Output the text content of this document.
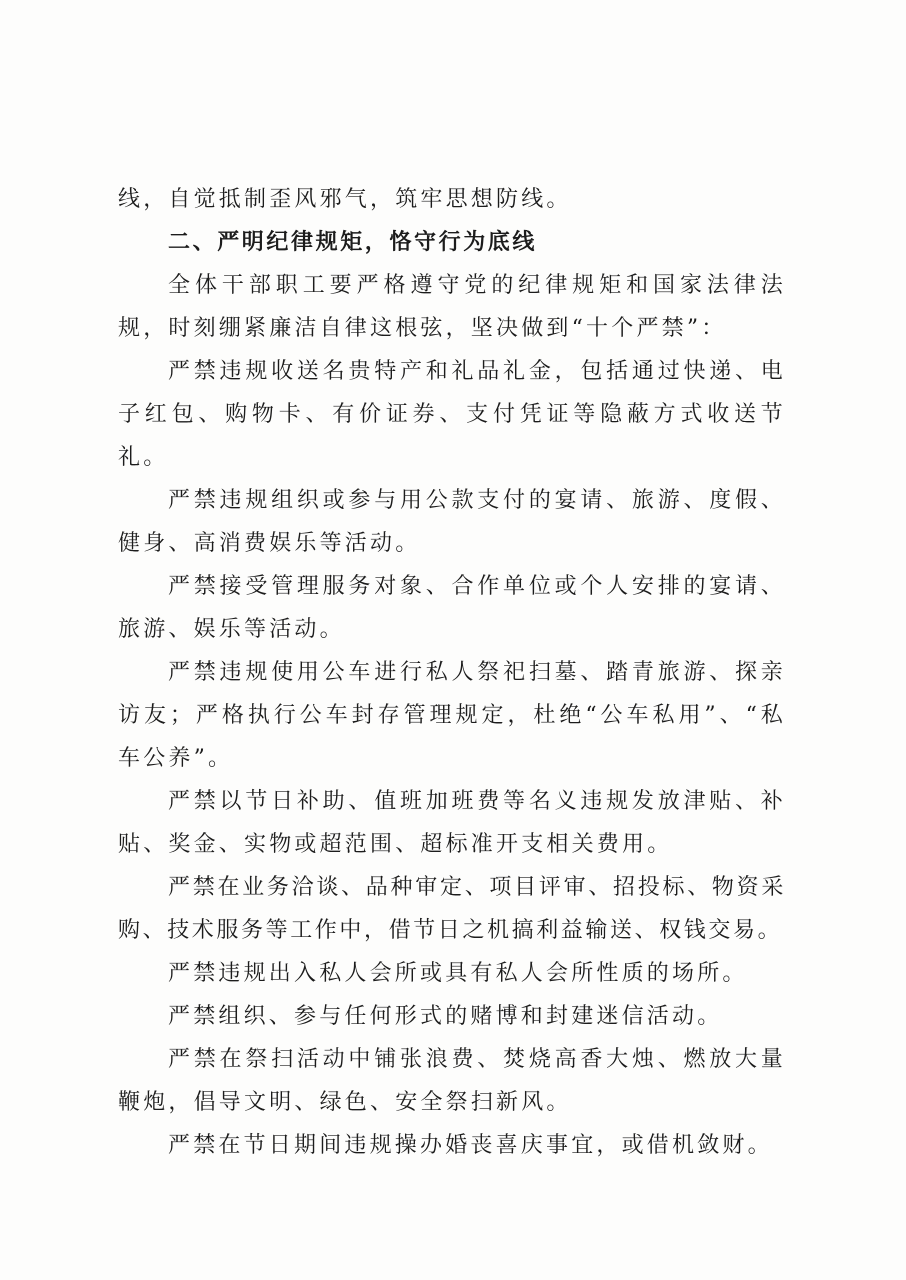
线，自觉抵制歪风邪气，筑牢思想防线。

二、严明纪律规矩，恪守行为底线

全体干部职工要严格遵守党的纪律规矩和国家法律法规，时刻绷紧廉洁自律这根弦，坚决做到“十个严禁”：

严禁违规收送名贵特产和礼品礼金，包括通过快递、电子红包、购物卡、有价证券、支付凭证等隐蔽方式收送节礼。

严禁违规组织或参与用公款支付的宴请、旅游、度假、健身、高消费娱乐等活动。

严禁接受管理服务对象、合作单位或个人安排的宴请、旅游、娱乐等活动。

严禁违规使用公车进行私人祭祀扫墓、踏青旅游、探亲访友；严格执行公车封存管理规定，杜绝“公车私用”、“私车公养”。

严禁以节日补助、值班加班费等名义违规发放津贴、补贴、奖金、实物或超范围、超标准开支相关费用。

严禁在业务洽谈、品种审定、项目评审、招投标、物资采购、技术服务等工作中，借节日之机搞利益输送、权钱交易。

严禁违规出入私人会所或具有私人会所性质的场所。

严禁组织、参与任何形式的赌博和封建迷信活动。

严禁在祭扫活动中铺张浪费、焚烧高香大烛、燃放大量鞭炮，倡导文明、绿色、安全祭扫新风。

严禁在节日期间违规操办婚丧喜庆事宜，或借机敛财。
